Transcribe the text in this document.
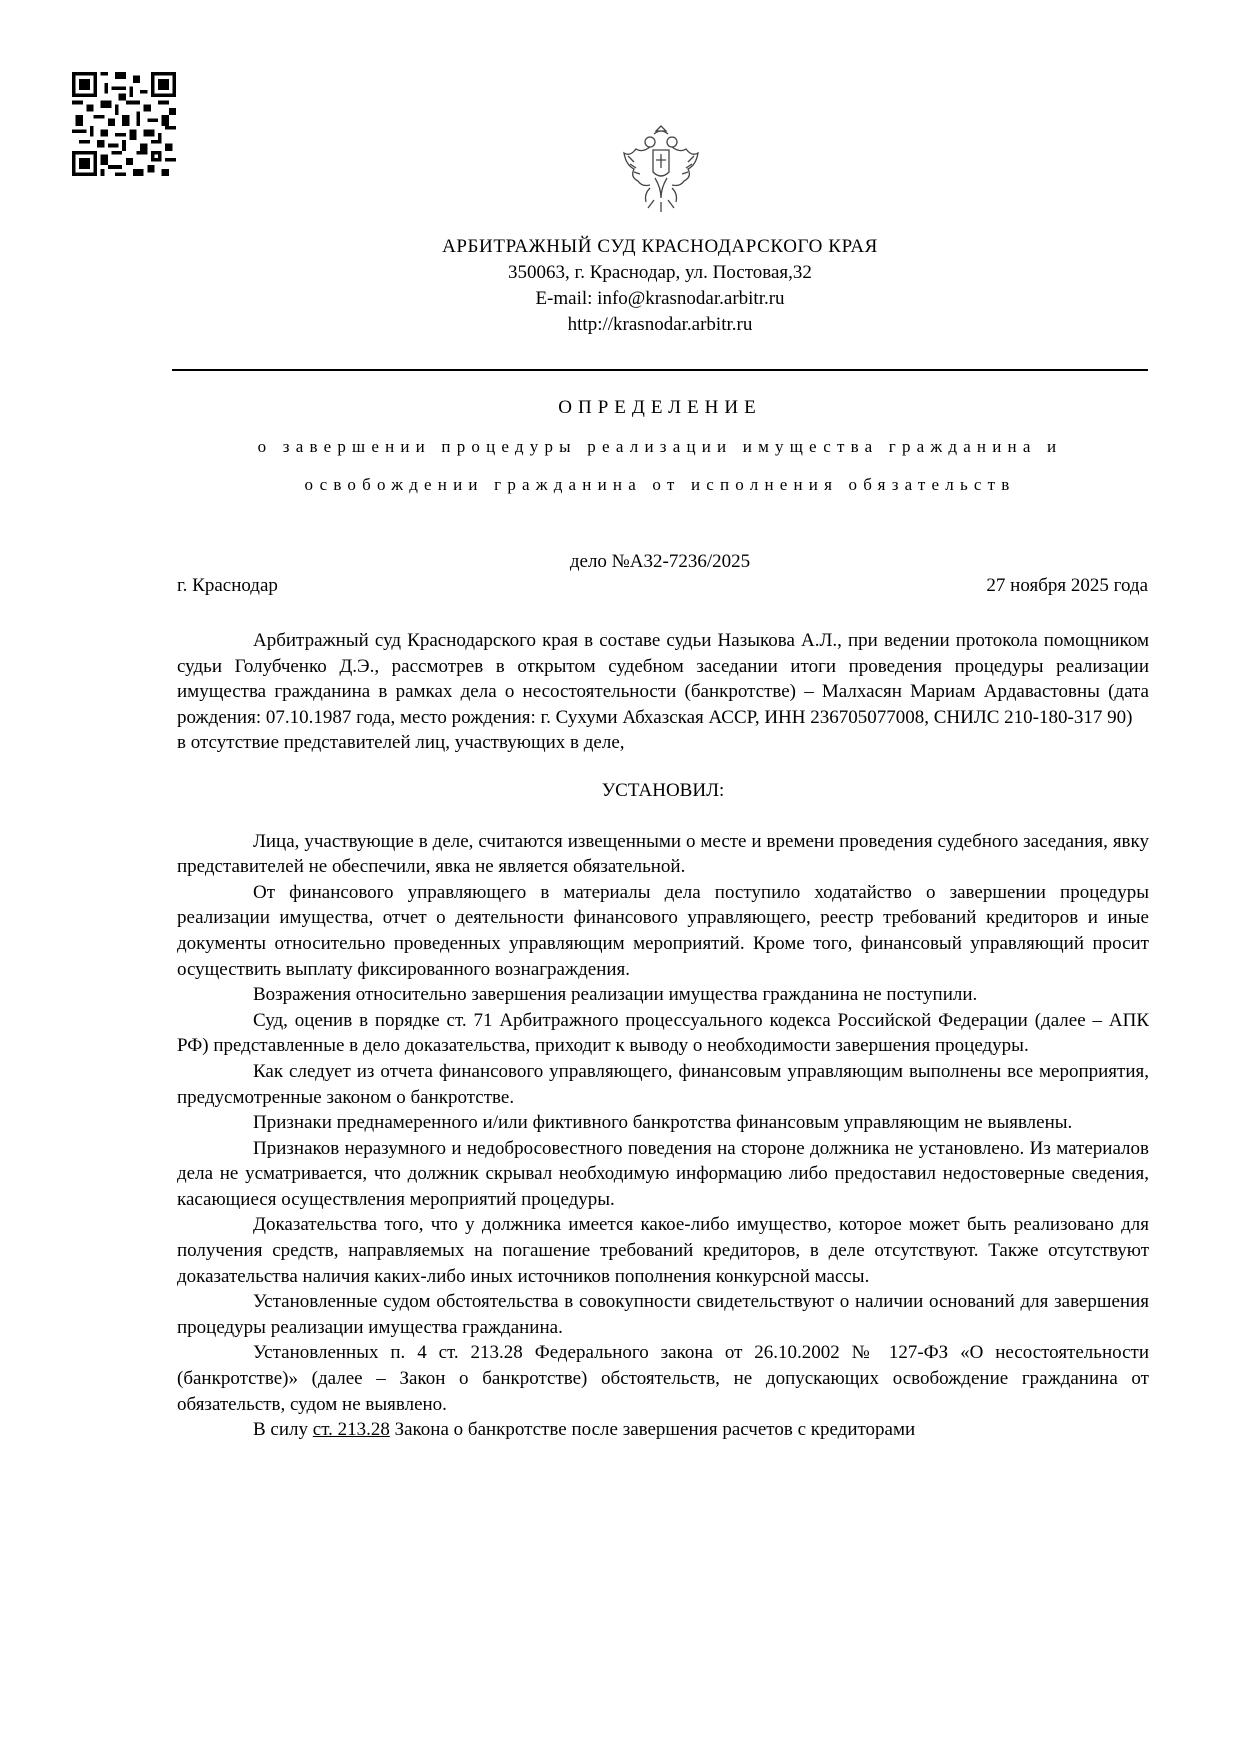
АРБИТРАЖНЫЙ СУД КРАСНОДАРСКОГО КРАЯ
350063, г. Краснодар, ул. Постовая,32
E-mail: info@krasnodar.arbitr.ru
http://krasnodar.arbitr.ru
ОПРЕДЕЛЕНИЕ
о завершении процедуры реализации имущества гражданина и
освобождении гражданина от исполнения обязательств
дело №А32-7236/2025
г. Краснодар	27 ноября 2025 года

Арбитражный суд Краснодарского края в составе судьи Назыкова А.Л., при ведении протокола помощником судьи Голубченко Д.Э., рассмотрев в открытом судебном заседании итоги проведения процедуры реализации имущества гражданина в рамках дела о несостоятельности (банкротстве) – Малхасян Мариам Ардавастовны (дата рождения: 07.10.1987 года, место рождения: г. Сухуми Абхазская АССР, ИНН 236705077008, СНИЛС 210-180-317 90)

в отсутствие представителей лиц, участвующих в деле,

УСТАНОВИЛ:

Лица, участвующие в деле, считаются извещенными о месте и времени проведения судебного заседания, явку представителей не обеспечили, явка не является обязательной.

От финансового управляющего в материалы дела поступило ходатайство о завершении процедуры реализации имущества, отчет о деятельности финансового управляющего, реестр требований кредиторов и иные документы относительно проведенных управляющим мероприятий. Кроме того, финансовый управляющий просит осуществить выплату фиксированного вознаграждения.

Возражения относительно завершения реализации имущества гражданина не поступили.

Суд, оценив в порядке ст. 71 Арбитражного процессуального кодекса Российской Федерации (далее – АПК РФ) представленные в дело доказательства, приходит к выводу о необходимости завершения процедуры.

Как следует из отчета финансового управляющего, финансовым управляющим выполнены все мероприятия, предусмотренные законом о банкротстве.

Признаки преднамеренного и/или фиктивного банкротства финансовым управляющим не выявлены.

Признаков неразумного и недобросовестного поведения на стороне должника не установлено. Из материалов дела не усматривается, что должник скрывал необходимую информацию либо предоставил недостоверные сведения, касающиеся осуществления мероприятий процедуры.

Доказательства того, что у должника имеется какое-либо имущество, которое может быть реализовано для получения средств, направляемых на погашение требований кредиторов, в деле отсутствуют. Также отсутствуют доказательства наличия каких-либо иных источников пополнения конкурсной массы.

Установленные судом обстоятельства в совокупности свидетельствуют о наличии оснований для завершения процедуры реализации имущества гражданина.

Установленных п. 4 ст. 213.28 Федерального закона от 26.10.2002 № 127-ФЗ «О несостоятельности (банкротстве)» (далее – Закон о банкротстве) обстоятельств, не допускающих освобождение гражданина от обязательств, судом не выявлено.

В силу ст. 213.28 Закона о банкротстве после завершения расчетов с кредиторами
